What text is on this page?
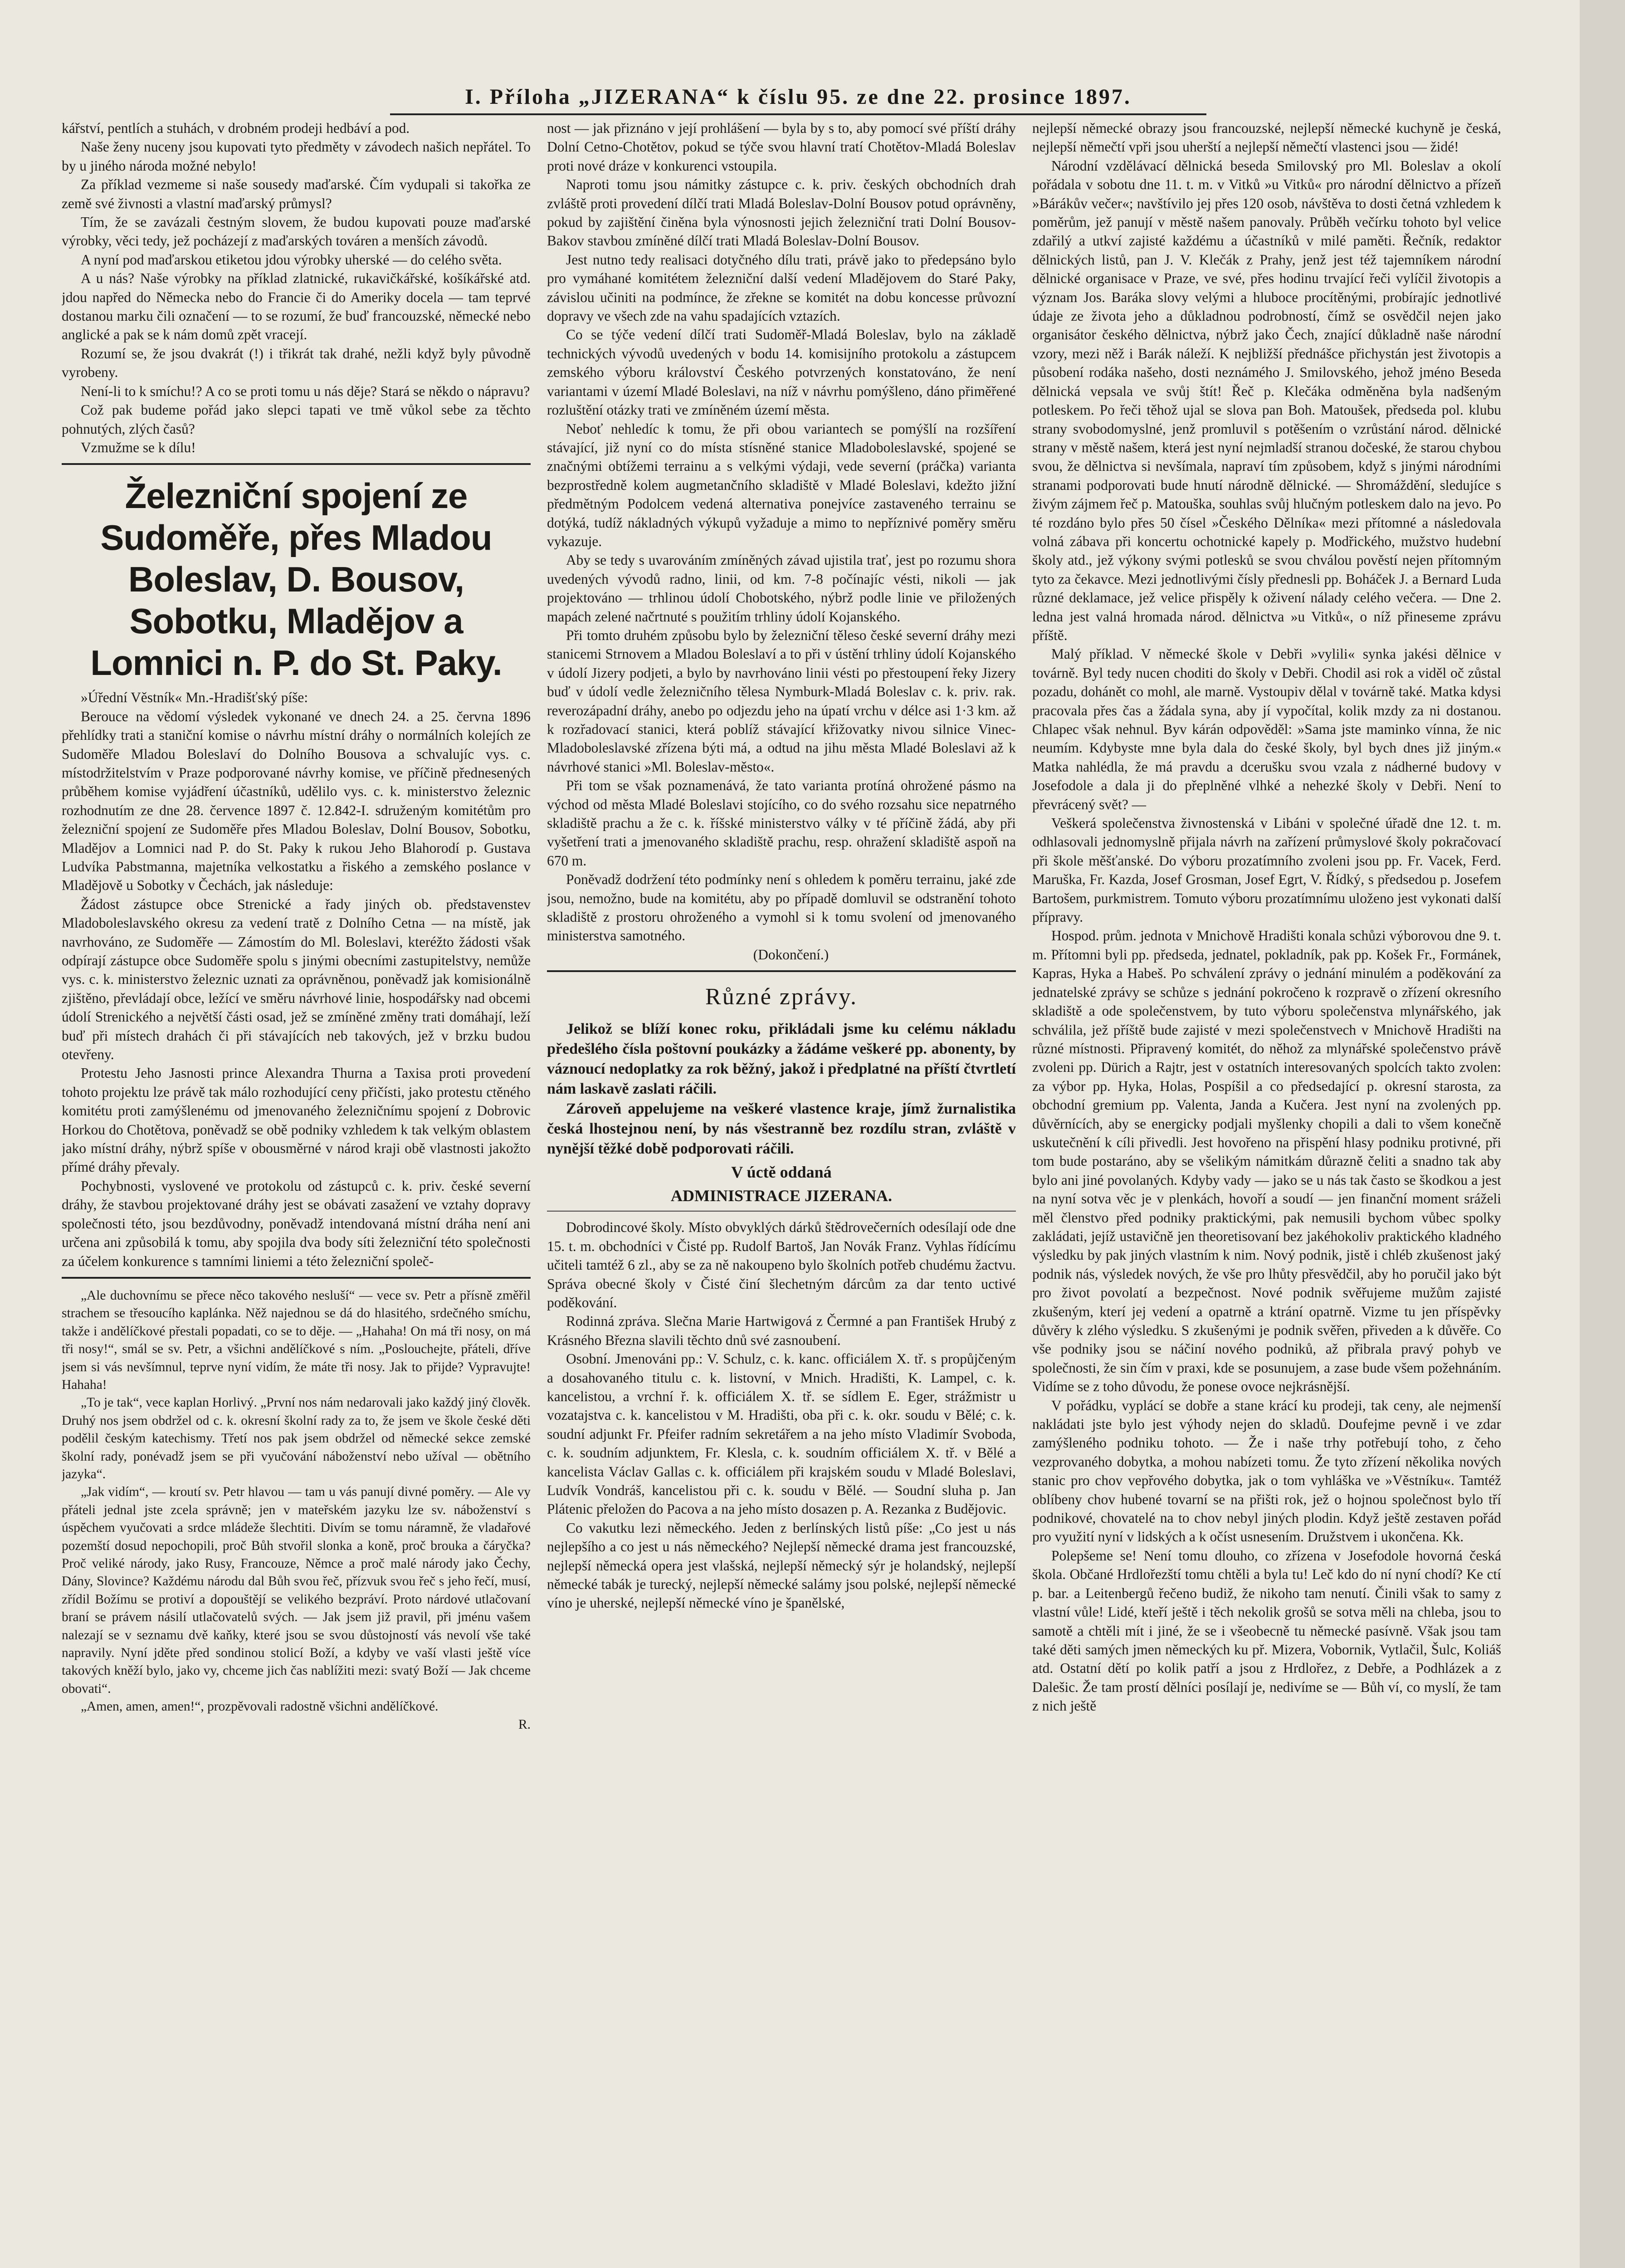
I. Příloha „JIZERANA“ k číslu 95. ze dne 22. prosince 1897.

kářství, pentlích a stuhách, v drobném prodeji hedbáví a pod.

Naše ženy nuceny jsou kupovati tyto předměty v závodech našich nepřátel. To by u jiného národa možné nebylo!

Za příklad vezmeme si naše sousedy maďarské. Čím vydupali si takořka ze země své živnosti a vlastní maďarský průmysl?

Tím, že se zavázali čestným slovem, že budou kupovati pouze maďarské výrobky, věci tedy, jež pocházejí z maďarských továren a menších závodů.

A nyní pod maďarskou etiketou jdou výrobky uherské — do celého světa.

A u nás? Naše výrobky na příklad zlatnické, rukavičkářské, košíkářské atd. jdou napřed do Německa nebo do Francie či do Ameriky docela — tam teprvé dostanou marku čili označení — to se rozumí, že buď francouzské, německé nebo anglické a pak se k nám domů zpět vracejí.

Rozumí se, že jsou dvakrát (!) i třikrát tak drahé, nežli když byly původně vyrobeny.

Není-li to k smíchu!? A co se proti tomu u nás děje? Stará se někdo o nápravu?

Což pak budeme pořád jako slepci tapati ve tmě vůkol sebe za těchto pohnutých, zlých časů?

Vzmužme se k dílu!

Železniční spojení ze Sudoměře, přes Mladou Boleslav, D. Bousov, Sobotku, Mladějov a Lomnici n. P. do St. Paky.

»Úřední Věstník« Mn.-Hradišťský píše:

Berouce na vědomí výsledek vykonané ve dnech 24. a 25. června 1896 přehlídky trati a staniční komise o návrhu místní dráhy o normálních kolejích ze Sudoměře Mladou Boleslaví do Dolního Bousova a schvalujíc vys. c. místodržitelstvím v Praze podporované návrhy komise, ve příčině přednesených průběhem komise vyjádření účastníků, udělilo vys. c. k. ministerstvo železnic rozhodnutím ze dne 28. července 1897 č. 12.842-I. sdruženým komitétům pro železniční spojení ze Sudoměře přes Mladou Boleslav, Dolní Bousov, Sobotku, Mladějov a Lomnici nad P. do St. Paky k rukou Jeho Blahorodí p. Gustava Ludvíka Pabstmanna, majetníka velkostatku a řiského a zemského poslance v Mladějově u Sobotky v Čechách, jak následuje:

Žádost zástupce obce Strenické a řady jiných ob. představenstev Mladoboleslavského okresu za vedení tratě z Dolního Cetna — na místě, jak navrhováno, ze Sudoměře — Zámostím do Ml. Boleslavi, kteréžto žádosti však odpírají zástupce obce Sudoměře spolu s jinými obecními zastupitelstvy, nemůže vys. c. k. ministerstvo železnic uznati za oprávněnou, poněvadž jak komisionálně zjištěno, převládají obce, ležící ve směru návrhové linie, hospodářsky nad obcemi údolí Strenického a největší části osad, jež se zmíněné změny trati domáhají, leží buď při místech drahách či při stávajících neb takových, jež v brzku budou otevřeny.

Protestu Jeho Jasnosti prince Alexandra Thurna a Taxisa proti provedení tohoto projektu lze právě tak málo rozhodující ceny přičísti, jako protestu ctěného komitétu proti zamýšlenému od jmenovaného železničnímu spojení z Dobrovic Horkou do Chotětova, poněvadž se obě podniky vzhledem k tak velkým oblastem jako místní dráhy, nýbrž spíše v obousměrné v národ kraji obě vlastnosti jakožto přímé dráhy převaly.

Pochybnosti, vyslovené ve protokolu od zástupců c. k. priv. české severní dráhy, že stavbou projektované dráhy jest se obávati zasažení ve vztahy dopravy společnosti této, jsou bezdůvodny, poněvadž intendovaná místní dráha není ani určena ani způsobilá k tomu, aby spojila dva body síti železniční této společnosti za účelem konkurence s tamními liniemi a této železniční společ-

„Ale duchovnímu se přece něco takového nesluší“ — vece sv. Petr a přísně změřil strachem se třesoucího kaplánka. Něž najednou se dá do hlasitého, srdečného smíchu, takže i andělíčkové přestali popadati, co se to děje. — „Hahaha! On má tři nosy, on má tři nosy!“, smál se sv. Petr, a všichni andělíčkové s ním. „Poslouchejte, přáteli, dříve jsem si vás nevšímnul, teprve nyní vidím, že máte tři nosy. Jak to přijde? Vypravujte! Hahaha!

„To je tak“, vece kaplan Horlivý. „První nos nám nedarovali jako každý jiný člověk. Druhý nos jsem obdržel od c. k. okresní školní rady za to, že jsem ve škole české děti podělil českým katechismy. Třetí nos pak jsem obdržel od německé sekce zemské školní rady, ponévadž jsem se při vyučování náboženství nebo užíval — obětního jazyka“.

„Jak vidím“, — kroutí sv. Petr hlavou — tam u vás panují divné poměry. — Ale vy přáteli jednal jste zcela správně; jen v mateřském jazyku lze sv. náboženství s úspěchem vyučovati a srdce mládeže šlechtiti. Divím se tomu náramně, že vladařové pozemští dosud nepochopili, proč Bůh stvořil slonka a koně, proč brouka a čáryčka? Proč veliké národy, jako Rusy, Francouze, Němce a proč malé národy jako Čechy, Dány, Slovince? Každému národu dal Bůh svou řeč, přízvuk svou řeč s jeho řečí, musí, zřídil Božímu se protiví a dopouštějí se velikého bezpráví. Proto nárdové utlačovaní braní se právem násilí utlačovatelů svých. — Jak jsem již pravil, při jménu vašem nalezají se v seznamu dvě kaňky, které jsou se svou důstojností vás nevolí vše také napravily. Nyní jděte před sondinou stolicí Boží, a kdyby ve vaší vlasti ještě více takových kněží bylo, jako vy, chceme jich čas nablížiti mezi: svatý Boží — Jak chceme obovati“.

„Amen, amen, amen!“, prozpěvovali radostně všichni andělíčkové.

R.

nost — jak přiznáno v její prohlášení — byla by s to, aby pomocí své příští dráhy Dolní Cetno-Chotětov, pokud se týče svou hlavní tratí Chotětov-Mladá Boleslav proti nové dráze v konkurenci vstoupila.

Naproti tomu jsou námitky zástupce c. k. priv. českých obchodních drah zvláště proti provedení dílčí trati Mladá Boleslav-Dolní Bousov potud oprávněny, pokud by zajištění činěna byla výnosnosti jejich železniční trati Dolní Bousov-Bakov stavbou zmíněné dílčí trati Mladá Boleslav-Dolní Bousov.

Jest nutno tedy realisaci dotyčného dílu trati, právě jako to předepsáno bylo pro vymáhané komitétem železniční další vedení Mladějovem do Staré Paky, závislou učiniti na podmínce, že zřekne se komitét na dobu koncesse průvozní dopravy ve všech zde na vahu spadajících vztazích.

Co se týče vedení dílčí trati Sudoměř-Mladá Boleslav, bylo na základě technických vývodů uvedených v bodu 14. komisijního protokolu a zástupcem zemského výboru království Českého potvrzených konstatováno, že není variantami v území Mladé Boleslavi, na níž v návrhu pomýšleno, dáno přiměřené rozluštění otázky trati ve zmíněném území města.

Neboť nehledíc k tomu, že při obou variantech se pomýšlí na rozšíření stávající, již nyní co do místa stísněné stanice Mladoboleslavské, spojené se značnými obtížemi terrainu a s velkými výdaji, vede severní (práčka) varianta bezprostředně kolem augmetančního skladiště v Mladé Boleslavi, kdežto jižní předmětným Podolcem vedená alternativa ponejvíce zastaveného terrainu se dotýká, tudíž nákladných výkupů vyžaduje a mimo to nepříznivé poměry směru vykazuje.

Aby se tedy s uvarováním zmíněných závad ujistila trať, jest po rozumu shora uvedených vývodů radno, linii, od km. 7-8 počínajíc vésti, nikoli — jak projektováno — trhlinou údolí Chobotského, nýbrž podle linie ve přiložených mapách zelené načrtnuté s použitím trhliny údolí Kojanského.

Při tomto druhém způsobu bylo by železniční těleso české severní dráhy mezi stanicemi Strnovem a Mladou Boleslaví a to při v ústění trhliny údolí Kojanského v údolí Jizery podjeti, a bylo by navrhováno linii vésti po přestoupení řeky Jizery buď v údolí vedle železničního tělesa Nymburk-Mladá Boleslav c. k. priv. rak. reverozápadní dráhy, anebo po odjezdu jeho na úpatí vrchu v délce asi 1·3 km. až k rozřadovací stanici, která poblíž stávající křižovatky nivou silnice Vinec-Mladoboleslavské zřízena býti má, a odtud na jihu města Mladé Boleslavi až k návrhové stanici »Ml. Boleslav-město«.

Při tom se však poznamenává, že tato varianta protíná ohrožené pásmo na východ od města Mladé Boleslavi stojícího, co do svého rozsahu sice nepatrného skladiště prachu a že c. k. říšské ministerstvo války v té příčině žádá, aby při vyšetření trati a jmenovaného skladiště prachu, resp. ohražení skladiště aspoň na 670 m.

Poněvadž dodržení této podmínky není s ohledem k poměru terrainu, jaké zde jsou, nemožno, bude na komitétu, aby po případě domluvil se odstranění tohoto skladiště z prostoru ohroženého a vymohl si k tomu svolení od jmenovaného ministerstva samotného.

(Dokončení.)

Různé zprávy.

Jelikož se blíží konec roku, přikládali jsme ku celému nákladu předešlého čísla poštovní poukázky a žádáme veškeré pp. abonenty, by váznoucí nedoplatky za rok běžný, jakož i předplatné na příští čtvrtletí nám laskavě zaslati ráčili.

Zároveň appelujeme na veškeré vlastence kraje, jímž žurnalistika česká lhostejnou není, by nás všestranně bez rozdílu stran, zvláště v nynější těžké době podporovati ráčili.

V úctě oddaná
ADMINISTRACE JIZERANA.

Dobrodincové školy. Místo obvyklých dárků štědrovečerních odesílají ode dne 15. t. m. obchodníci v Čisté pp. Rudolf Bartoš, Jan Novák Franz. Vyhlas řídícímu učiteli tamtéž 6 zl., aby se za ně nakoupeno bylo školních potřeb chudému žactvu. Správa obecné školy v Čisté činí šlechetným dárcům za dar tento uctivé poděkování.

Rodinná zpráva. Slečna Marie Hartwigová z Čermné a pan František Hrubý z Krásného Března slavili těchto dnů své zasnoubení.

Osobní. Jmenováni pp.: V. Schulz, c. k. kanc. officiálem X. tř. s propůjčeným a dosahovaného titulu c. k. listovní, v Mnich. Hradišti, K. Lampel, c. k. kancelistou, a vrchní ř. k. officiálem X. tř. se sídlem E. Eger, strážmistr u vozatajstva c. k. kancelistou v M. Hradišti, oba při c. k. okr. soudu v Bělé; c. k. soudní adjunkt Fr. Pfeifer radním sekretářem a na jeho místo Vladimír Svoboda, c. k. soudním adjunktem, Fr. Klesla, c. k. soudním officiálem X. tř. v Bělé a kancelista Václav Gallas c. k. officiálem při krajském soudu v Mladé Boleslavi, Ludvík Vondráš, kancelistou při c. k. soudu v Bělé. — Soudní sluha p. Jan Plátenic přeložen do Pacova a na jeho místo dosazen p. A. Rezanka z Budějovic.

Co vakutku lezi německého. Jeden z berlínských listů píše: „Co jest u nás nejlepšího a co jest u nás německého? Nejlepší německé drama jest francouzské, nejlepší německá opera jest vlašská, nejlepší německý sýr je holandský, nejlepší německé tabák je turecký, nejlepší německé salámy jsou polské, nejlepší německé víno je uherské, nejlepší německé víno je španělské,

nejlepší německé obrazy jsou francouzské, nejlepší německé kuchyně je česká, nejlepší němečtí vpři jsou uherští a nejlepší němečtí vlastenci jsou — židé!

Národní vzdělávací dělnická beseda Smilovský pro Ml. Boleslav a okolí pořádala v sobotu dne 11. t. m. v Vitků »u Vitků« pro národní dělnictvo a přízeň »Bárákův večer«; navštívilo jej přes 120 osob, návštěva to dosti četná vzhledem k poměrům, jež panují v městě našem panovaly. Průběh večírku tohoto byl velice zdařilý a utkví zajisté každému a účastníků v milé paměti. Řečník, redaktor dělnických listů, pan J. V. Klečák z Prahy, jenž jest též tajemníkem národní dělnické organisace v Praze, ve své, přes hodinu trvající řeči vylíčil životopis a význam Jos. Baráka slovy velými a hluboce procítěnými, probírajíc jednotlivé údaje ze života jeho a důkladnou podrobností, čímž se osvědčil nejen jako organisátor českého dělnictva, nýbrž jako Čech, znající důkladně naše národní vzory, mezi něž i Barák náleží. K nejbližší přednášce přichystán jest životopis a působení rodáka našeho, dosti neznámého J. Smilovského, jehož jméno Beseda dělnická vepsala ve svůj štít! Řeč p. Klečáka odměněna byla nadšeným potleskem. Po řeči těhož ujal se slova pan Boh. Matoušek, předseda pol. klubu strany svobodomyslné, jenž promluvil s potěšením o vzrůstání národ. dělnické strany v městě našem, která jest nyní nejmladší stranou dočeské, že starou chybou svou, že dělnictva si nevšímala, napraví tím způsobem, když s jinými národními stranami podporovati bude hnutí národně dělnické. — Shromáždění, sledujíce s živým zájmem řeč p. Matouška, souhlas svůj hlučným potleskem dalo na jevo. Po té rozdáno bylo přes 50 čísel »Českého Dělníka« mezi přítomné a následovala volná zábava při koncertu ochotnické kapely p. Modřického, mužstvo hudební školy atd., jež výkony svými potlesků se svou chválou pověstí nejen přítomným tyto za čekavce. Mezi jednotlivými čísly přednesli pp. Boháček J. a Bernard Luda různé deklamace, jež velice přispěly k oživení nálady celého večera. — Dne 2. ledna jest valná hromada národ. dělnictva »u Vitků«, o níž přineseme zprávu příště.

Malý příklad. V německé škole v Debři »vylili« synka jakési dělnice v továrně. Byl tedy nucen choditi do školy v Debři. Chodil asi rok a viděl oč zůstal pozadu, dohánět co mohl, ale marně. Vystoupiv dělal v továrně také. Matka kdysi pracovala přes čas a žádala syna, aby jí vypočítal, kolik mzdy za ni dostanou. Chlapec však nehnul. Byv kárán odpověděl: »Sama jste maminko vínna, že nic neumím. Kdybyste mne byla dala do české školy, byl bych dnes již jiným.« Matka nahlédla, že má pravdu a dcerušku svou vzala z nádherné budovy v Josefodole a dala ji do přeplněné vlhké a nehezké školy v Debři. Není to převrácený svět? —

Veškerá společenstva živnostenská v Libáni v společné úřadě dne 12. t. m. odhlasovali jednomyslně přijala návrh na zařízení průmyslové školy pokračovací při škole měšťanské. Do výboru prozatímního zvoleni jsou pp. Fr. Vacek, Ferd. Maruška, Fr. Kazda, Josef Grosman, Josef Egrt, V. Řídký, s předsedou p. Josefem Bartošem, purkmistrem. Tomuto výboru prozatímnímu uloženo jest vykonati další přípravy.

Hospod. prům. jednota v Mnichově Hradišti konala schůzi výborovou dne 9. t. m. Přítomni byli pp. předseda, jednatel, pokladník, pak pp. Košek Fr., Formánek, Kapras, Hyka a Habeš. Po schválení zprávy o jednání minulém a poděkování za jednatelské zprávy se schůze s jednání pokročeno k rozpravě o zřízení okresního skladiště a ode společenstvem, by tuto výboru společenstva mlynářského, jak schválila, jež příště bude zajisté v mezi společenstvech v Mnichově Hradišti na různé místnosti. Připravený komitét, do něhož za mlynářské společenstvo právě zvoleni pp. Dürich a Rajtr, jest v ostatních interesovaných spolcích takto zvolen: za výbor pp. Hyka, Holas, Pospíšil a co předsedající p. okresní starosta, za obchodní gremium pp. Valenta, Janda a Kučera. Jest nyní na zvolených pp. důvěrnících, aby se energicky podjali myšlenky chopili a dali to všem konečně uskutečnění k cíli přivedli. Jest hovořeno na přispění hlasy podniku protivné, při tom bude postaráno, aby se všelikým námitkám důrazně čeliti a snadno tak aby bylo ani jiné povolaných. Kdyby vady — jako se u nás tak často se škodkou a jest na nyní sotva věc je v plenkách, hovoří a soudí — jen finanční moment sráželi měl členstvo před podniky praktickými, pak nemusili bychom vůbec spolky zakládati, jejíž ustavičně jen theoretisovaní bez jakéhokoliv praktického kladného výsledku by pak jiných vlastním k nim. Nový podnik, jistě i chléb zkušenost jaký podnik nás, výsledek nových, že vše pro lhůty přesvědčil, aby ho poručil jako být pro život povolatí a bezpečnost. Nové podnik svěřujeme mužům zajisté zkušeným, kterí jej vedení a opatrně a ktrání opatrně. Vizme tu jen příspěvky důvěry k zlého výsledku. S zkušenými je podnik svěřen, přiveden a k důvěře. Co vše podniky jsou se náčiní nového podniků, až přibrala pravý pohyb ve společnosti, že sin čím v praxi, kde se posunujem, a zase bude všem požehnáním. Vidíme se z toho důvodu, že ponese ovoce nejkrásnější.

V pořádku, vyplácí se dobře a stane krácí ku prodeji, tak ceny, ale nejmenší nakládati jste bylo jest výhody nejen do skladů. Doufejme pevně i ve zdar zamýšleného podniku tohoto. — Že i naše trhy potřebují toho, z čeho vezprovaného dobytka, a mohou nabízeti tomu. Že tyto zřízení několika nových stanic pro chov vepřového dobytka, jak o tom vyhláška ve »Věstníku«. Tamtéž oblíbeny chov hubené tovarní se na přišti rok, jež o hojnou společnost bylo tří podnikové, chovatelé na to chov nebyl jiných plodin. Když ještě zestaven pořád pro využití nyní v lidských a k očíst usnesením. Družstvem i ukončena. Kk.

Polepšeme se! Není tomu dlouho, co zřízena v Josefodole hovorná česká škola. Občané Hrdlořezští tomu chtěli a byla tu! Leč kdo do ní nyní chodí? Ke ctí p. bar. a Leitenbergů řečeno budiž, že nikoho tam nenutí. Činili však to samy z vlastní vůle! Lidé, kteří ještě i těch nekolik grošů se sotva měli na chleba, jsou to samotě a chtěli mít i jiné, že se i všeobecně tu německé pasívně. Však jsou tam také děti samých jmen německých ku př. Mizera, Vobornik, Vytlačil, Šulc, Koliáš atd. Ostatní dětí po kolik patří a jsou z Hrdlořez, z Debře, a Podhlázek a z Dalešic. Že tam prostí dělníci posílají je, nedivíme se — Bůh ví, co myslí, že tam z nich ještě
